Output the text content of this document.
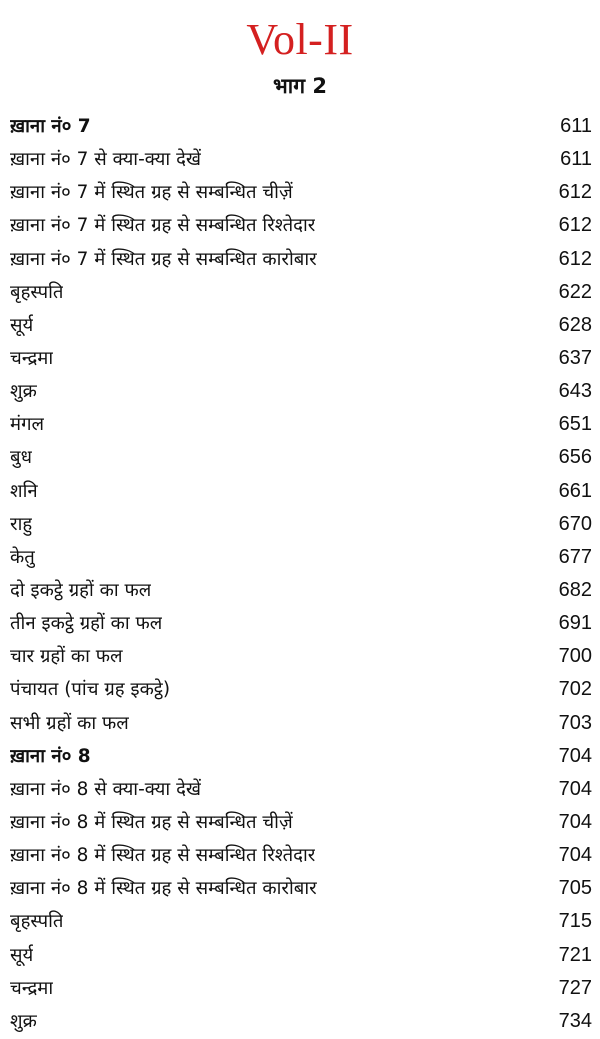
Vol-II
भाग 2
ख़ाना नं० 7	611
ख़ाना नं० 7 से क्या-क्या देखें	611
ख़ाना नं० 7 में स्थित ग्रह से सम्बन्धित चीज़ें	612
ख़ाना नं० 7 में स्थित ग्रह से सम्बन्धित रिश्तेदार	612
ख़ाना नं० 7 में स्थित ग्रह से सम्बन्धित कारोबार	612
बृहस्पति	622
सूर्य	628
चन्द्रमा	637
शुक्र	643
मंगल	651
बुध	656
शनि	661
राहु	670
केतु	677
दो इकट्ठे ग्रहों का फल	682
तीन इकट्ठे ग्रहों का फल	691
चार ग्रहों का फल	700
पंचायत (पांच ग्रह इकट्ठे)	702
सभी ग्रहों का फल	703
ख़ाना नं० 8	704
ख़ाना नं० 8 से क्या-क्या देखें	704
ख़ाना नं० 8 में स्थित ग्रह से सम्बन्धित चीज़ें	704
ख़ाना नं० 8 में स्थित ग्रह से सम्बन्धित रिश्तेदार	704
ख़ाना नं० 8 में स्थित ग्रह से सम्बन्धित कारोबार	705
बृहस्पति	715
सूर्य	721
चन्द्रमा	727
शुक्र	734
